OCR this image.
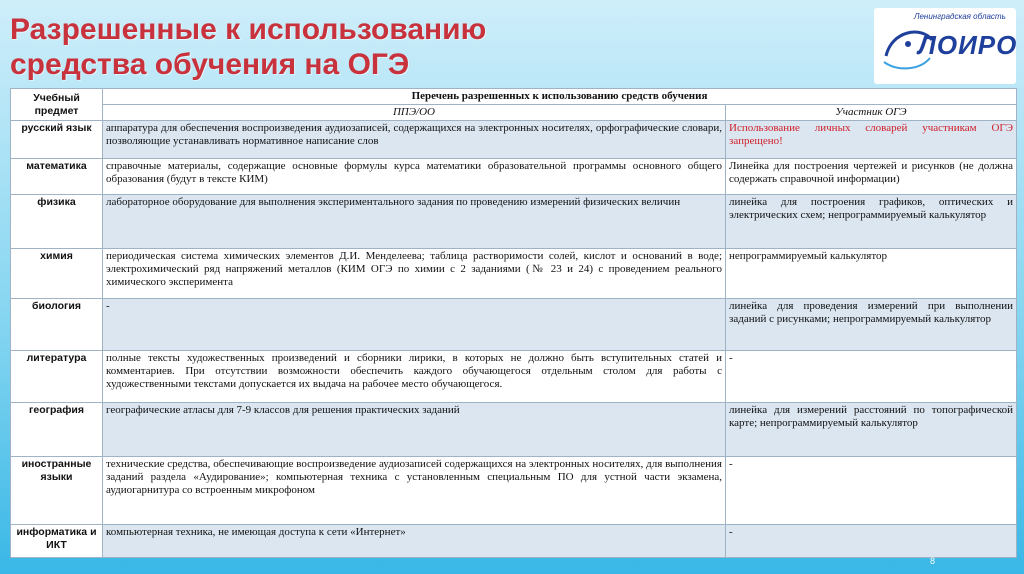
Разрешенные к использованию
средства обучения на ОГЭ
Ленинградская область
ЛОИРО
Учебный предмет	Перечень разрешенных к использованию средств обучения	
	ППЭ/ОО	Участник ОГЭ
русский язык	аппаратура для обеспечения воспроизведения аудиозаписей, содержащихся на электронных носителях, орфографические словари, позволяющие устанавливать нормативное написание слов	Использование личных словарей участникам ОГЭ запрещено!
математика	справочные материалы, содержащие основные формулы курса математики образовательной программы основного общего образования (будут в тексте КИМ)	Линейка для построения чертежей и рисунков (не должна содержать справочной информации)
физика	лабораторное оборудование для выполнения экспериментального задания по проведению измерений физических величин	линейка для построения графиков, оптических и электрических схем; непрограммируемый калькулятор
химия	периодическая система химических элементов Д.И. Менделеева; таблица растворимости солей, кислот и оснований в воде; электрохимический ряд напряжений металлов (КИМ ОГЭ по химии с 2 заданиями (№ 23 и 24) с проведением реального химического эксперимента	непрограммируемый калькулятор
биология	-	линейка для проведения измерений при выполнении заданий с рисунками; непрограммируемый калькулятор
литература	полные тексты художественных произведений и сборники лирики, в которых не должно быть вступительных статей и комментариев. При отсутствии возможности обеспечить каждого обучающегося отдельным столом для работы с художественными текстами допускается их выдача на рабочее место обучающегося.	-
география	географические атласы для 7-9 классов для решения практических заданий	линейка для измерений расстояний по топографической карте; непрограммируемый калькулятор
иностранные языки	технические средства, обеспечивающие воспроизведение аудиозаписей содержащихся на электронных носителях, для выполнения заданий раздела «Аудирование»; компьютерная техника с установленным специальным ПО для устной части экзамена, аудиогарнитура со встроенным микрофоном	-
информатика и ИКТ	компьютерная техника, не имеющая доступа к сети «Интернет»	-
8
